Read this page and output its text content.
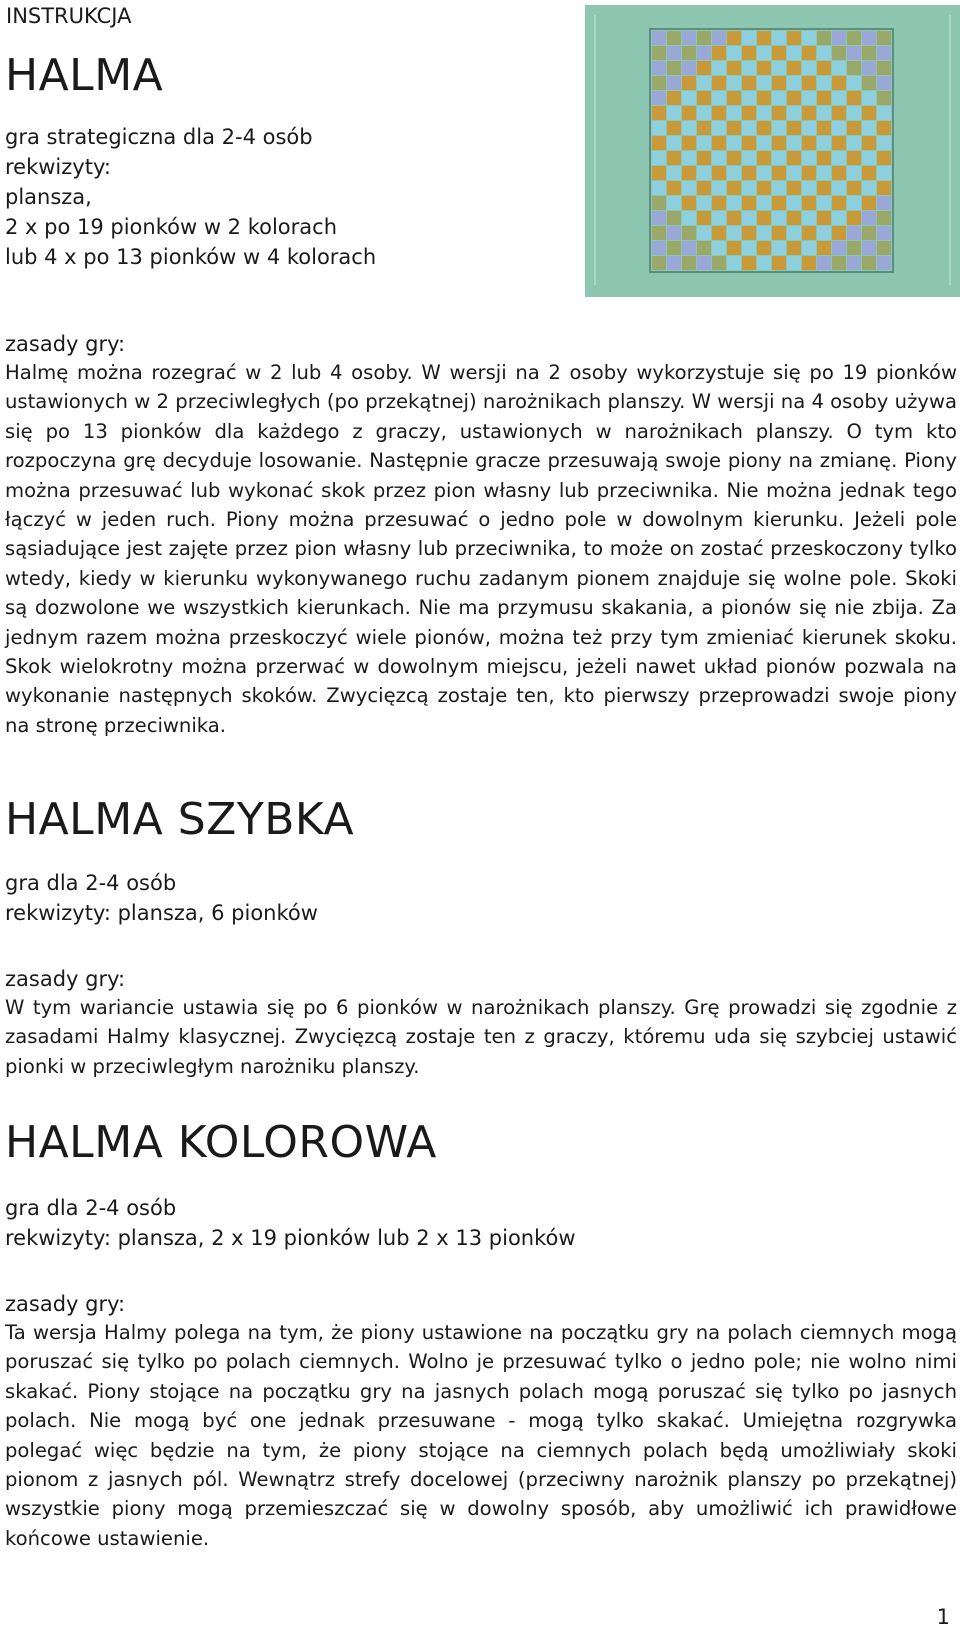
INSTRUKCJA
HALMA
gra strategiczna dla 2-4 osób
rekwizyty:
plansza,
2 x po 19 pionków w 2 kolorach
lub 4 x po 13 pionków w 4 kolorach
zasady gry:
Halmę można rozegrać w 2 lub 4 osoby. W wersji na 2 osoby wykorzystuje się po 19 pionków ustawionych w 2 przeciwległych (po przekątnej) narożnikach planszy. W wersji na 4 osoby używa się po 13 pionków dla każdego z graczy, ustawionych w narożnikach planszy. O tym kto rozpoczyna grę decyduje losowanie. Następnie gracze przesuwają swoje piony na zmianę. Piony można przesuwać lub wykonać skok przez pion własny lub przeciwnika. Nie można jednak tego łączyć w jeden ruch. Piony można przesuwać o jedno pole w dowolnym kierunku. Jeżeli pole sąsiadujące jest zajęte przez pion własny lub przeciwnika, to może on zostać przeskoczony tylko wtedy, kiedy w kierunku wykonywanego ruchu zadanym pionem znajduje się wolne pole. Skoki są dozwolone we wszystkich kierunkach. Nie ma przymusu skakania, a pionów się nie zbija. Za jednym razem można przeskoczyć wiele pionów, można też przy tym zmieniać kierunek skoku. Skok wielokrotny można przerwać w dowolnym miejscu, jeżeli nawet układ pionów pozwala na wykonanie następnych skoków. Zwycięzcą zostaje ten, kto pierwszy przeprowadzi swoje piony na stronę przeciwnika.
HALMA SZYBKA
gra dla 2-4 osób
rekwizyty: plansza, 6 pionków
zasady gry:
W tym wariancie ustawia się po 6 pionków w narożnikach planszy. Grę prowadzi się zgodnie z zasadami Halmy klasycznej. Zwycięzcą zostaje ten z graczy, któremu uda się szybciej ustawić pionki w przeciwległym narożniku planszy.
HALMA KOLOROWA
gra dla 2-4 osób
rekwizyty: plansza, 2 x 19 pionków lub 2 x 13 pionków
zasady gry:
Ta wersja Halmy polega na tym, że piony ustawione na początku gry na polach ciemnych mogą poruszać się tylko po polach ciemnych. Wolno je przesuwać tylko o jedno pole; nie wolno nimi skakać. Piony stojące na początku gry na jasnych polach mogą poruszać się tylko po jasnych polach. Nie mogą być one jednak przesuwane - mogą tylko skakać. Umiejętna rozgrywka polegać więc będzie na tym, że piony stojące na ciemnych polach będą umożliwiały skoki pionom z jasnych pól. Wewnątrz strefy docelowej (przeciwny narożnik planszy po przekątnej) wszystkie piony mogą przemieszczać się w dowolny sposób, aby umożliwić ich prawidłowe końcowe ustawienie.
1
